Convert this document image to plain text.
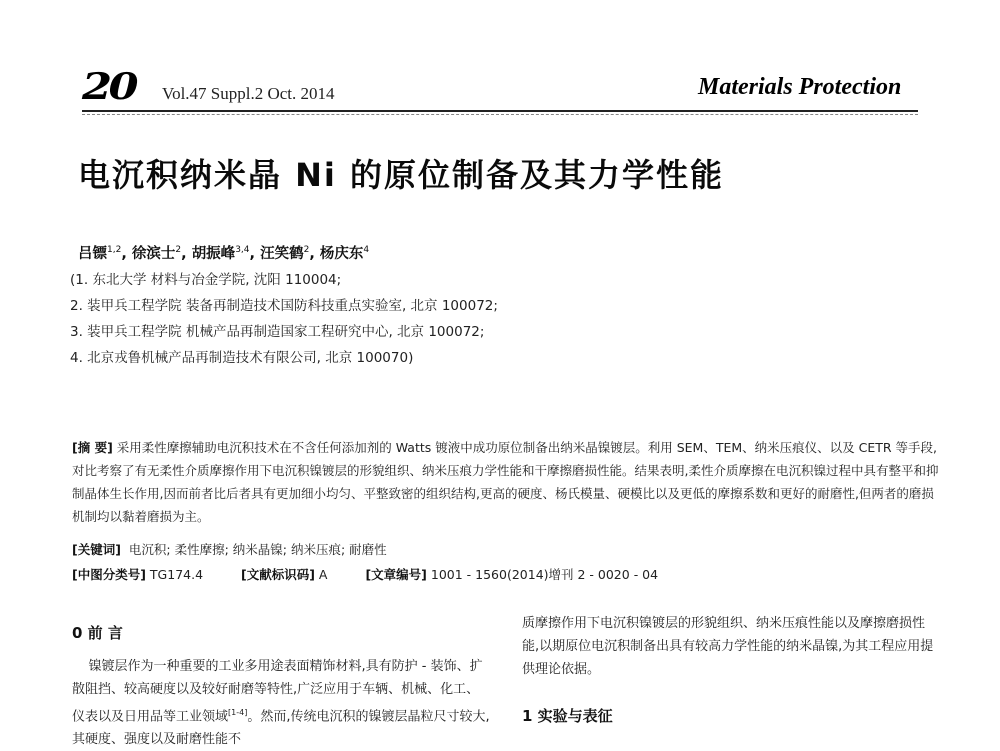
20 Vol.47 Suppl.2 Oct. 2014	Materials Protection
电沉积纳米晶 Ni 的原位制备及其力学性能
吕镖$^{1,2}$, 徐滨士$^2$, 胡振峰$^{3,4}$, 汪笑鹤$^2$, 杨庆东$^4$
(1. 东北大学 材料与冶金学院, 沈阳 110004;
2. 装甲兵工程学院 装备再制造技术国防科技重点实验室, 北京 100072;
3. 装甲兵工程学院 机械产品再制造国家工程研究中心, 北京 100072;
4. 北京戎鲁机械产品再制造技术有限公司, 北京 100070)
[摘 要] 采用柔性摩擦辅助电沉积技术在不含任何添加剂的 Watts 镀液中成功原位制备出纳米晶镍镀层。利用 SEM、TEM、纳米压痕仪、以及 CETR 等手段,对比考察了有无柔性介质摩擦作用下电沉积镍镀层的形貌组织、纳米压痕力学性能和干摩擦磨损性能。结果表明,柔性介质摩擦在电沉积镍过程中具有整平和抑制晶体生长作用,因而前者比后者具有更加细小均匀、平整致密的组织结构,更高的硬度、杨氏模量、硬模比以及更低的摩擦系数和更好的耐磨性,但两者的磨损机制均以黏着磨损为主。
[关键词] 电沉积; 柔性摩擦; 纳米晶镍; 纳米压痕; 耐磨性
[中图分类号] TG174.4	[文献标识码] A	[文章编号] 1001 - 1560(2014)增刊 2 - 0020 - 04
0 前 言
镍镀层作为一种重要的工业多用途表面精饰材料,具有防护 - 装饰、扩散阻挡、较高硬度以及较好耐磨等特性,广泛应用于车辆、机械、化工、仪表以及日用品等工业领域[1-4]。然而,传统电沉积的镍镀层晶粒尺寸较大,其硬度、强度以及耐磨性能不
质摩擦作用下电沉积镍镀层的形貌组织、纳米压痕性能以及摩擦磨损性能,以期原位电沉积制备出具有较高力学性能的纳米晶镍,为其工程应用提供理论依据。
1 实验与表征
